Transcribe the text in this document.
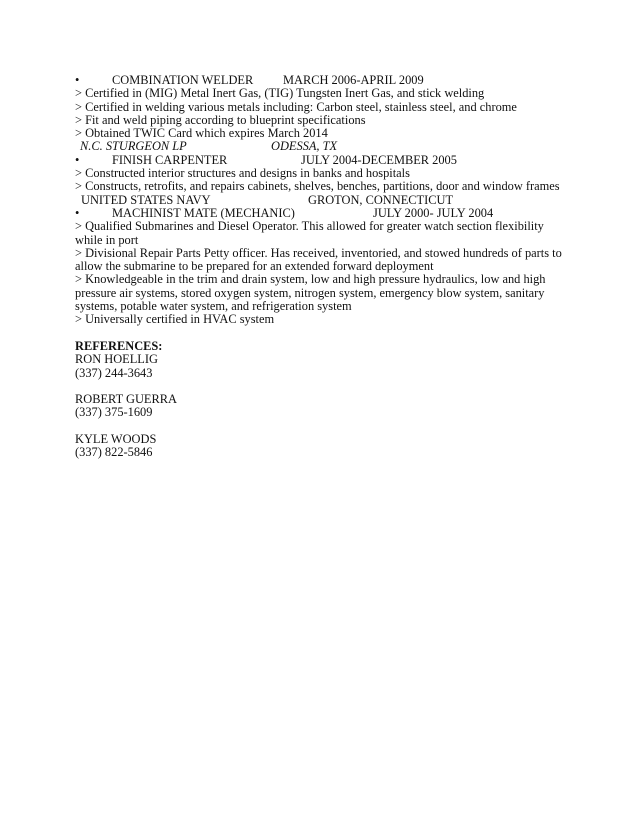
•	COMBINATION WELDER MARCH 2006-APRIL 2009
> Certified in (MIG) Metal Inert Gas, (TIG) Tungsten Inert Gas, and stick welding
> Certified in welding various metals including: Carbon steel, stainless steel, and chrome
> Fit and weld piping according to blueprint specifications
> Obtained TWIC Card which expires March 2014
N.C. STURGEON LP	ODESSA, TX
•	FINISH CARPENTER	JULY 2004-DECEMBER 2005
> Constructed interior structures and designs in banks and hospitals
> Constructs, retrofits, and repairs cabinets, shelves, benches, partitions, door and window frames
UNITED STATES NAVY	GROTON, CONNECTICUT
•	MACHINIST MATE (MECHANIC)	JULY 2000- JULY 2004
> Qualified Submarines and Diesel Operator. This allowed for greater watch section flexibility while in port
> Divisional Repair Parts Petty officer. Has received, inventoried, and stowed hundreds of parts to allow the submarine to be prepared for an extended forward deployment
> Knowledgeable in the trim and drain system, low and high pressure hydraulics, low and high pressure air systems, stored oxygen system, nitrogen system, emergency blow system, sanitary systems, potable water system, and refrigeration system
> Universally certified in HVAC system
REFERENCES:
RON HOELLIG
(337) 244-3643
ROBERT GUERRA
(337) 375-1609
KYLE WOODS
(337) 822-5846
